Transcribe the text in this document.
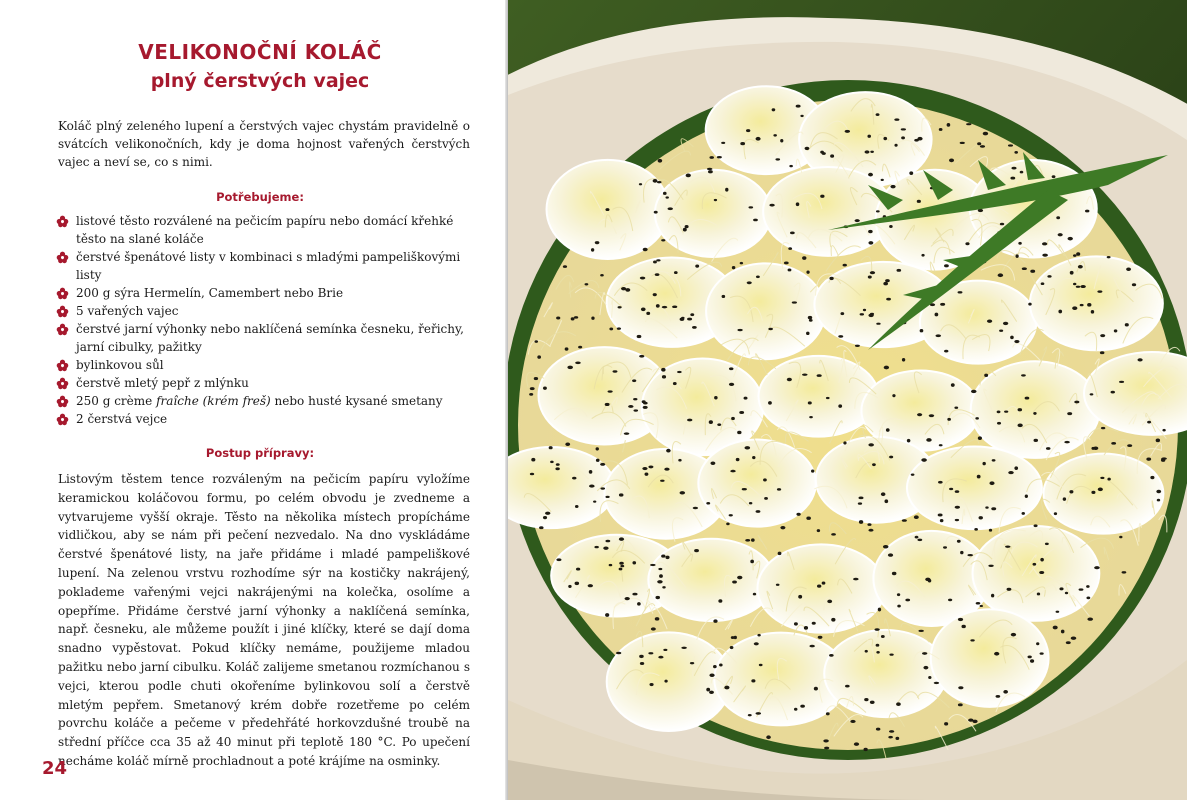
VELIKONOČNÍ KOLÁČ
plný čerstvých vajec

Koláč plný zeleného lupení a čerstvých vajec chystám pravidelně o svátcích velikonočních, kdy je doma hojnost vařených čerstvých vajec a neví se, co s nimi.

Potřebujeme:
listové těsto rozválené na pečicím papíru nebo domácí křehké těsto na slané koláče
čerstvé špenátové listy v kombinaci s mladými pampeliškovými listy
200 g sýra Hermelín, Camembert nebo Brie
5 vařených vajec
čerstvé jarní výhonky nebo naklíčená semínka česneku, řeřichy, jarní cibulky, pažitky
bylinkovou sůl
čerstvě mletý pepř z mlýnku
250 g crème fraîche (krém freš) nebo husté kysané smetany
2 čerstvá vejce
Postup přípravy:

Listovým těstem tence rozváleným na pečicím papíru vyložíme keramickou koláčovou formu, po celém obvodu je zvedneme a vytvarujeme vyšší okraje. Těsto na několika místech propícháme vidličkou, aby se nám při pečení nezvedalo. Na dno vyskládáme čerstvé špenátové listy, na jaře přidáme i mladé pampeliškové lupení. Na zelenou vrstvu rozhodíme sýr na kostičky nakrájený, poklademe vařenými vejci nakrájenými na kolečka, osolíme a opepříme. Přidáme čerstvé jarní výhonky a naklíčená semínka, např. česneku, ale můžeme použít i jiné klíčky, které se dají doma snadno vypěstovat. Pokud klíčky nemáme, použijeme mladou pažitku nebo jarní cibulku. Koláč zalijeme smetanou rozmíchanou s vejci, kterou podle chuti okořeníme bylinkovou solí a čerstvě mletým pepřem. Smetanový krém dobře rozetřeme po celém povrchu koláče a pečeme v předehřáté horkovzdušné troubě na střední příčce cca 35 až 40 minut při teplotě 180 °C. Po upečení necháme koláč mírně prochladnout a poté krájíme na osminky.

24
